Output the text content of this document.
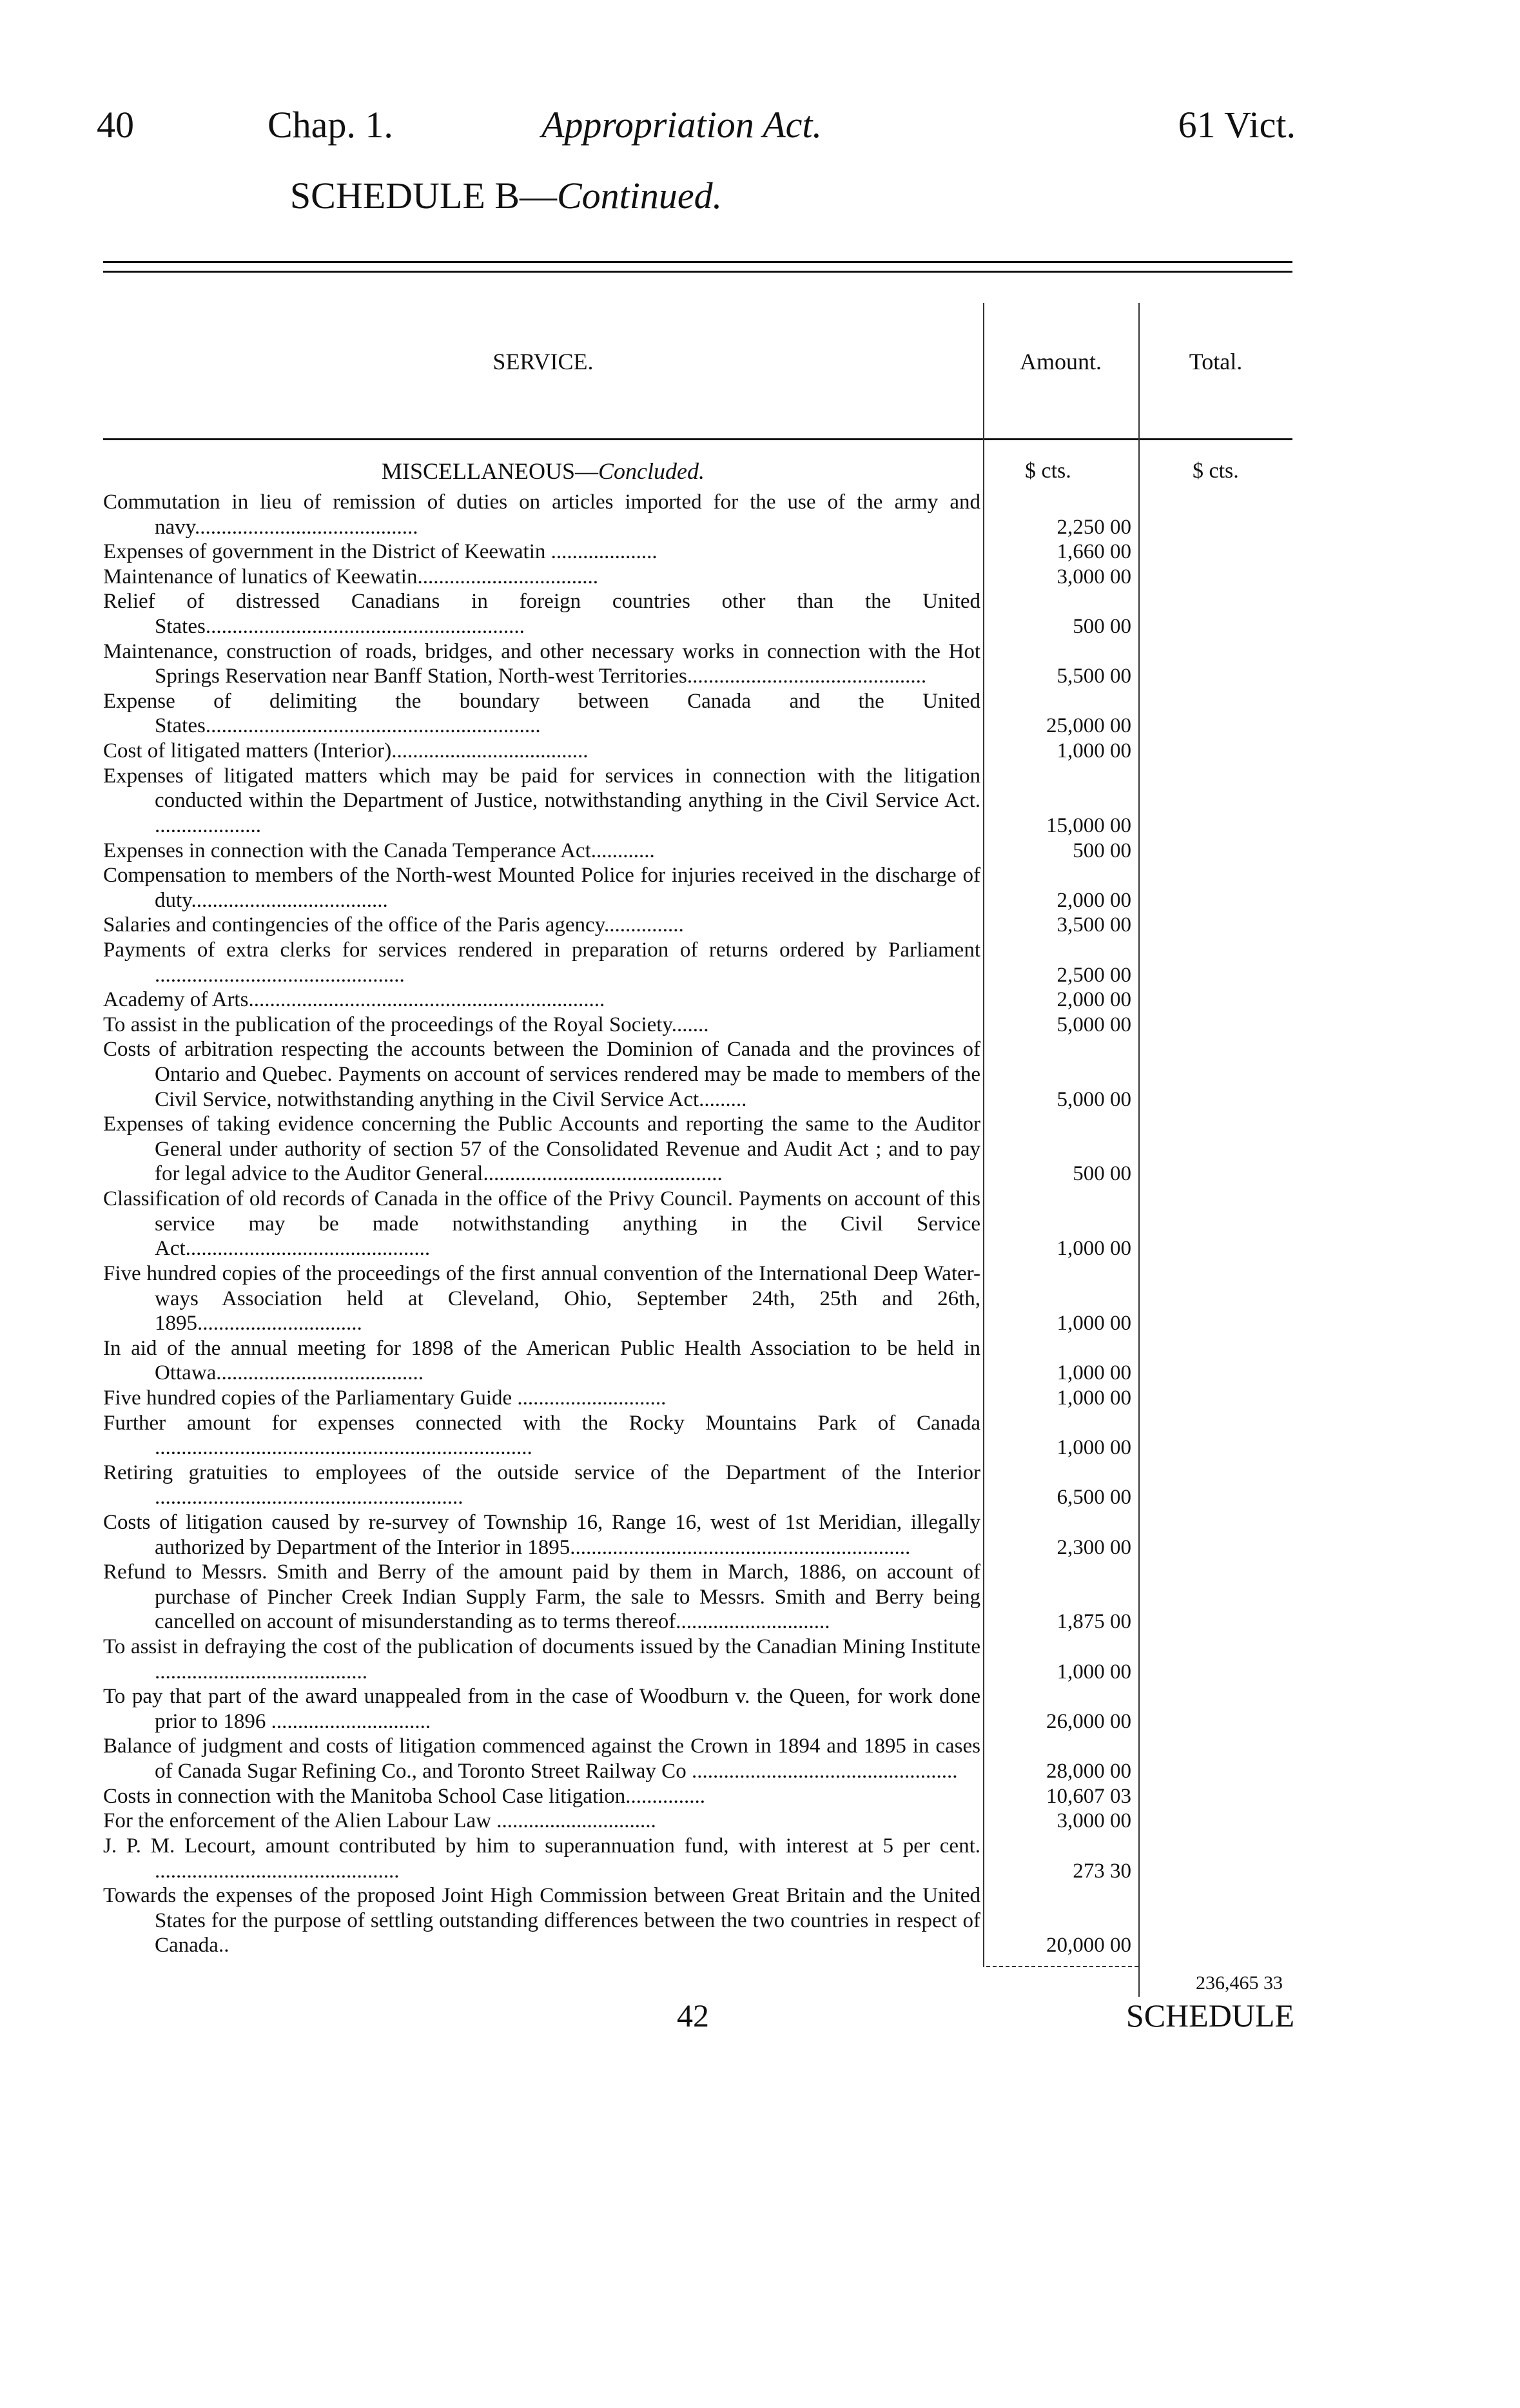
40	Chap. 1.	Appropriation Act.	61 Vict.
SCHEDULE B—Continued.
SERVICE.	Amount.	Total.
MISCELLANEOUS—Concluded.	$ cts.	$ cts.
Commutation in lieu of remission of duties on articles imported for the use of the army and navy..........................................	2,250 00
Expenses of government in the District of Keewatin ....................	1,660 00
Maintenance of lunatics of Keewatin..................................	3,000 00
Relief of distressed Canadians in foreign countries other than the United States............................................................	500 00
Maintenance, construction of roads, bridges, and other necessary works in connection with the Hot Springs Reservation near Banff Station, North-west Territories.............................................	5,500 00
Expense of delimiting the boundary between Canada and the United States...............................................................	25,000 00
Cost of litigated matters (Interior).....................................	1,000 00
Expenses of litigated matters which may be paid for services in connection with the litigation conducted within the Department of Justice, notwithstanding anything in the Civil Service Act. ....................	15,000 00
Expenses in connection with the Canada Temperance Act............	500 00
Compensation to members of the North-west Mounted Police for injuries received in the discharge of duty.....................................	2,000 00
Salaries and contingencies of the office of the Paris agency...............	3,500 00
Payments of extra clerks for services rendered in preparation of returns ordered by Parliament ...............................................	2,500 00
Academy of Arts...................................................................	2,000 00
To assist in the publication of the proceedings of the Royal Society.......	5,000 00
Costs of arbitration respecting the accounts between the Dominion of Canada and the provinces of Ontario and Quebec. Payments on account of services rendered may be made to members of the Civil Service, notwithstanding anything in the Civil Service Act.........	5,000 00
Expenses of taking evidence concerning the Public Accounts and reporting the same to the Auditor General under authority of section 57 of the Consolidated Revenue and Audit Act ; and to pay for legal advice to the Auditor General.............................................	500 00
Classification of old records of Canada in the office of the Privy Council. Payments on account of this service may be made notwithstanding anything in the Civil Service Act..............................................	1,000 00
Five hundred copies of the proceedings of the first annual convention of the International Deep Water-ways Association held at Cleveland, Ohio, September 24th, 25th and 26th, 1895...............................	1,000 00
In aid of the annual meeting for 1898 of the American Public Health Association to be held in Ottawa.......................................	1,000 00
Five hundred copies of the Parliamentary Guide ............................	1,000 00
Further amount for expenses connected with the Rocky Mountains Park of Canada .......................................................................	1,000 00
Retiring gratuities to employees of the outside service of the Department of the Interior ..........................................................	6,500 00
Costs of litigation caused by re-survey of Township 16, Range 16, west of 1st Meridian, illegally authorized by Department of the Interior in 1895................................................................	2,300 00
Refund to Messrs. Smith and Berry of the amount paid by them in March, 1886, on account of purchase of Pincher Creek Indian Supply Farm, the sale to Messrs. Smith and Berry being cancelled on account of misunderstanding as to terms thereof.............................	1,875 00
To assist in defraying the cost of the publication of documents issued by the Canadian Mining Institute ........................................	1,000 00
To pay that part of the award unappealed from in the case of Woodburn v. the Queen, for work done prior to 1896 ..............................	26,000 00
Balance of judgment and costs of litigation commenced against the Crown in 1894 and 1895 in cases of Canada Sugar Refining Co., and Toronto Street Railway Co ..................................................	28,000 00
Costs in connection with the Manitoba School Case litigation...............	10,607 03
For the enforcement of the Alien Labour Law ..............................	3,000 00
J. P. M. Lecourt, amount contributed by him to superannuation fund, with interest at 5 per cent. ..............................................	273 30
Towards the expenses of the proposed Joint High Commission between Great Britain and the United States for the purpose of settling outstanding differences between the two countries in respect of Canada..	20,000 00
236,465 33
42	SCHEDULE
